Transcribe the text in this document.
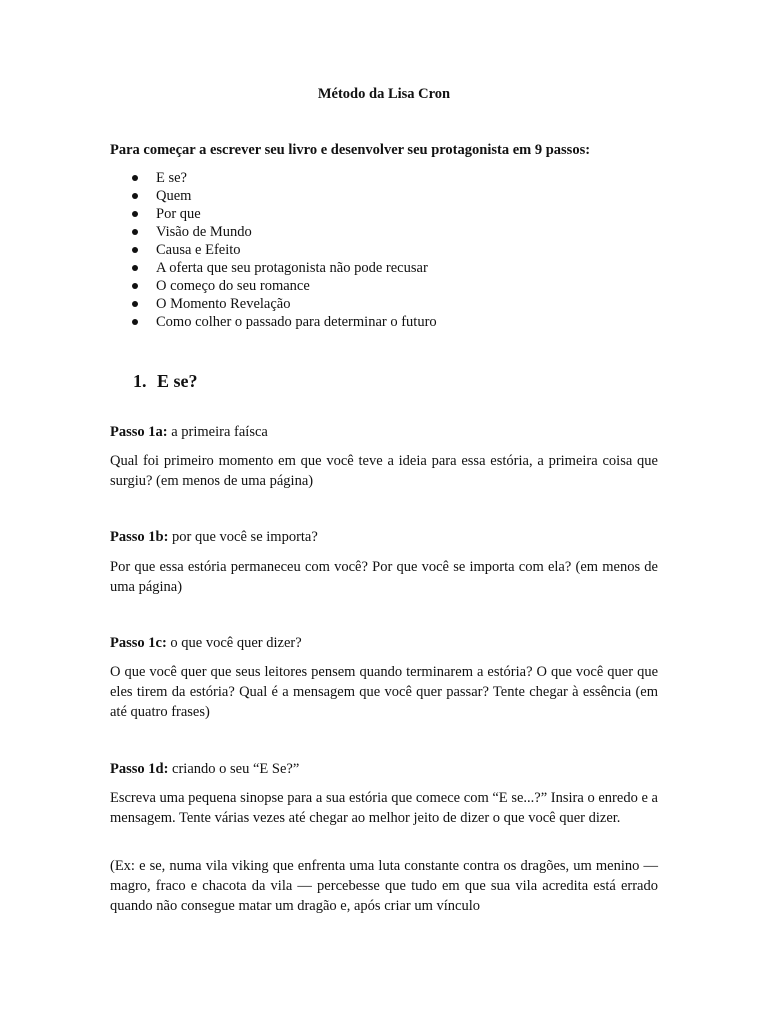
Método da Lisa Cron
Para começar a escrever seu livro e desenvolver seu protagonista em 9 passos:
E se?
Quem
Por que
Visão de Mundo
Causa e Efeito
A oferta que seu protagonista não pode recusar
O começo do seu romance
O Momento Revelação
Como colher o passado para determinar o futuro
1. E se?
Passo 1a: a primeira faísca
Qual foi primeiro momento em que você teve a ideia para essa estória, a primeira coisa que surgiu? (em menos de uma página)
Passo 1b: por que você se importa?
Por que essa estória permaneceu com você? Por que você se importa com ela? (em menos de uma página)
Passo 1c: o que você quer dizer?
O que você quer que seus leitores pensem quando terminarem a estória? O que você quer que eles tirem da estória? Qual é a mensagem que você quer passar? Tente chegar à essência (em até quatro frases)
Passo 1d: criando o seu “E Se?”
Escreva uma pequena sinopse para a sua estória que comece com “E se...?” Insira o enredo e a mensagem. Tente várias vezes até chegar ao melhor jeito de dizer o que você quer dizer.
(Ex: e se, numa vila viking que enfrenta uma luta constante contra os dragões, um menino — magro, fraco e chacota da vila — percebesse que tudo em que sua vila acredita está errado quando não consegue matar um dragão e, após criar um vínculo
